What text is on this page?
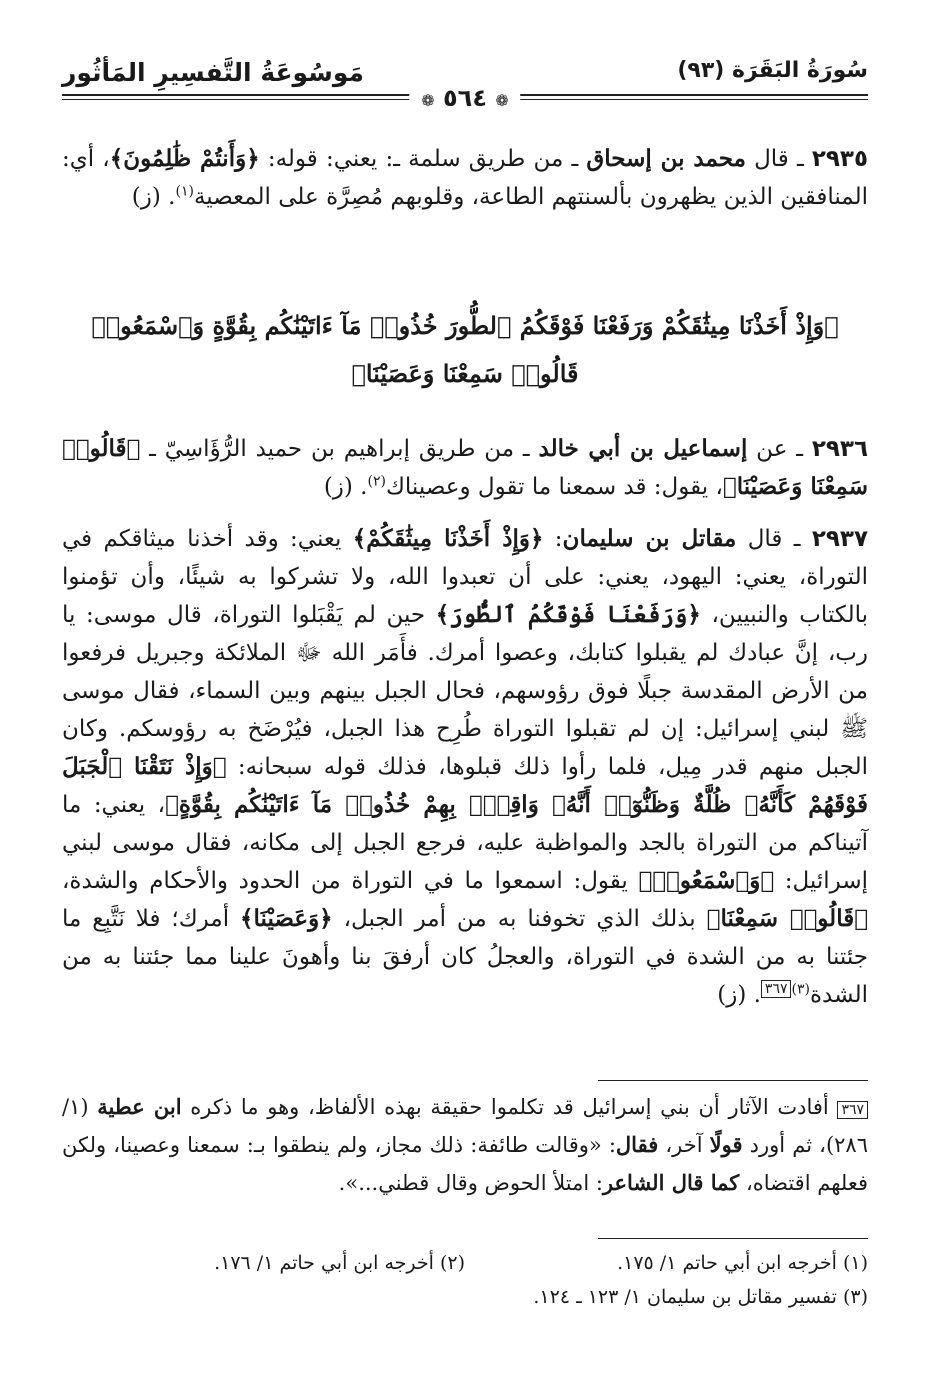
مَوسُوعَةُ التَّفسِيرِ المَأثُور	سُورَةُ البَقَرَة (٩٣)
❁ ٥٦٤ ❁
٢٩٣٥ ـ قال محمد بن إسحاق ـ من طريق سلمة ـ: يعني: قوله: ﴿وَأَنتُمْ ظَٰلِمُونَ﴾، أي: المنافقين الذين يظهرون بألسنتهم الطاعة، وقلوبهم مُصِرَّة على المعصية$^{(١)}$. (ز)
﴿وَإِذْ أَخَذْنَا مِيثَٰقَكُمْ وَرَفَعْنَا فَوْقَكُمُ ٱلطُّورَ خُذُوا۟ مَآ ءَاتَيْنَٰكُم بِقُوَّةٍ وَٱسْمَعُوا۟ قَالُوا۟ سَمِعْنَا وَعَصَيْنَا﴾
٢٩٣٦ ـ عن إسماعيل بن أبي خالد ـ من طريق إبراهيم بن حميد الرُّؤَاسِيّ ـ ﴿قَالُوا۟ سَمِعْنَا وَعَصَيْنَا﴾، يقول: قد سمعنا ما تقول وعصيناك$^{(٢)}$. (ز)
٢٩٣٧ ـ قال مقاتل بن سليمان: ﴿وَإِذْ أَخَذْنَا مِيثَٰقَكُمْ﴾ يعني: وقد أخذنا ميثاقكم في التوراة، يعني: اليهود، يعني: على أن تعبدوا الله، ولا تشركوا به شيئًا، وأن تؤمنوا بالكتاب والنبيين، ﴿وَرَفَعْنَا فَوْقَكُمُ ٱلطُّورَ﴾ حين لم يَقْبَلوا التوراة، قال موسى: يا رب، إنَّ عبادك لم يقبلوا كتابك، وعصوا أمرك. فأَمَر الله ﷻ الملائكة وجبريل فرفعوا من الأرض المقدسة جبلًا فوق رؤوسهم، فحال الجبل بينهم وبين السماء، فقال موسى ﷺ لبني إسرائيل: إن لم تقبلوا التوراة طُرِح هذا الجبل، فيُرْضَخ به رؤوسكم. وكان الجبل منهم قدر مِيل، فلما رأوا ذلك قبلوها، فذلك قوله سبحانه: ﴿وَإِذْ نَتَقْنَا ٱلْجَبَلَ فَوْقَهُمْ كَأَنَّهُۥ ظُلَّةٌ وَظَنُّوٓا۟ أَنَّهُۥ وَاقِعٌۢ بِهِمْ خُذُوا۟ مَآ ءَاتَيْنَٰكُم بِقُوَّةٍ﴾، يعني: ما آتيناكم من التوراة بالجد والمواظبة عليه، فرجع الجبل إلى مكانه، فقال موسى لبني إسرائيل: ﴿وَٱسْمَعُوا۟﴾ يقول: اسمعوا ما في التوراة من الحدود والأحكام والشدة، ﴿قَالُوا۟ سَمِعْنَا﴾ بذلك الذي تخوفنا به من أمر الجبل، ﴿وَعَصَيْنَا﴾ أمرك؛ فلا نَتَّبِع ما جئتنا به من الشدة في التوراة، والعجلُ كان أرفقَ بنا وأهونَ علينا مما جئتنا به من الشدة$^{(٣)}$٣٦٧. (ز)
٣٦٧ أفادت الآثار أن بني إسرائيل قد تكلموا حقيقة بهذه الألفاظ، وهو ما ذكره ابن عطية (١/ ٢٨٦)، ثم أورد قولًا آخر، فقال: «وقالت طائفة: ذلك مجاز، ولم ينطقوا بـ: سمعنا وعصينا، ولكن فعلهم اقتضاه، كما قال الشاعر: امتلأ الحوض وقال قطني...».
(١) أخرجه ابن أبي حاتم ١/ ١٧٥.
(٢) أخرجه ابن أبي حاتم ١/ ١٧٦.
(٣) تفسير مقاتل بن سليمان ١/ ١٢٣ ـ ١٢٤.
